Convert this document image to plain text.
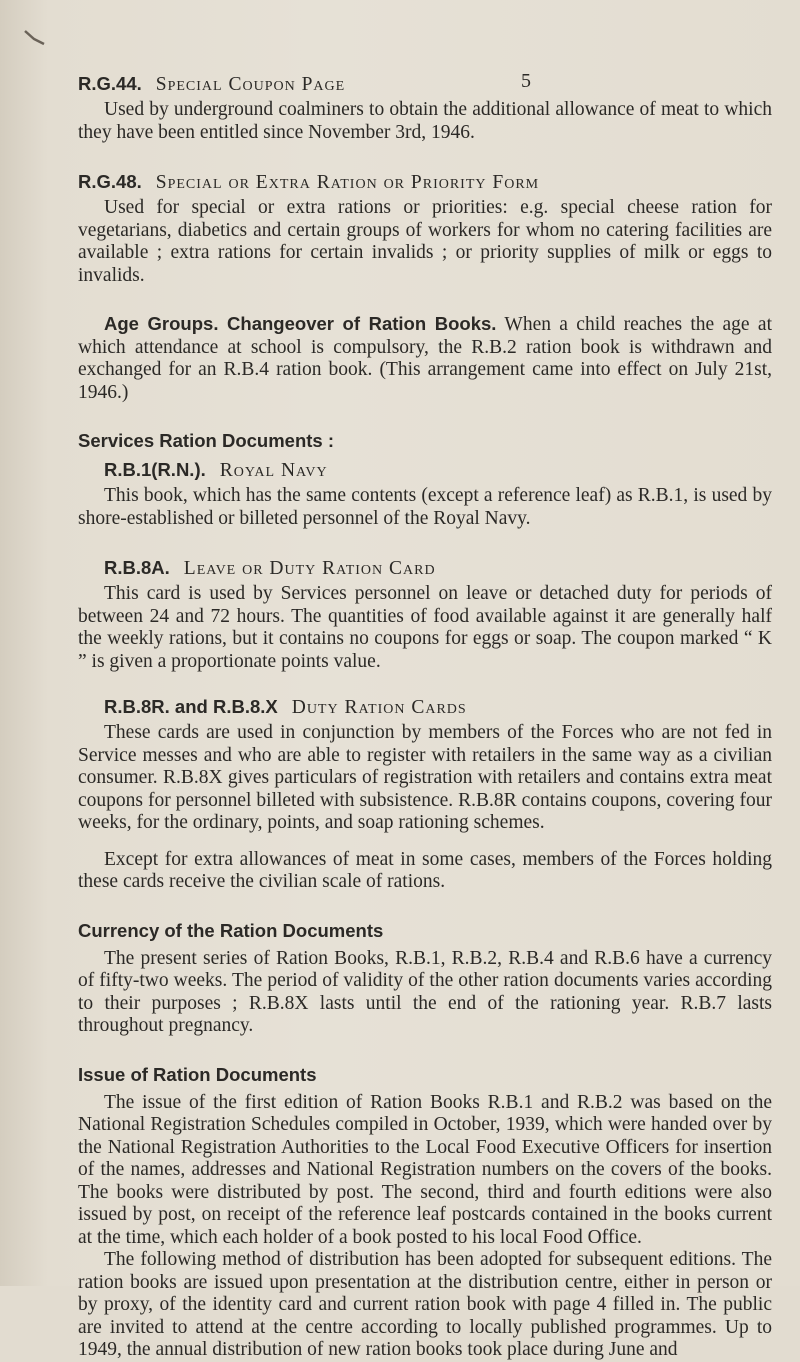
5
R.G.44. Special Coupon Page

Used by underground coalminers to obtain the additional allowance of meat to which they have been entitled since November 3rd, 1946.

R.G.48. Special or Extra Ration or Priority Form

Used for special or extra rations or priorities: e.g. special cheese ration for vegetarians, diabetics and certain groups of workers for whom no catering facilities are available ; extra rations for certain invalids ; or priority supplies of milk or eggs to invalids.

Age Groups. Changeover of Ration Books. When a child reaches the age at which attendance at school is compulsory, the R.B.2 ration book is withdrawn and exchanged for an R.B.4 ration book. (This arrangement came into effect on July 21st, 1946.)

Services Ration Documents :
R.B.1(R.N.). Royal Navy

This book, which has the same contents (except a reference leaf) as R.B.1, is used by shore-established or billeted personnel of the Royal Navy.

R.B.8A. Leave or Duty Ration Card

This card is used by Services personnel on leave or detached duty for periods of between 24 and 72 hours. The quantities of food available against it are generally half the weekly rations, but it contains no coupons for eggs or soap. The coupon marked “ K ” is given a proportionate points value.

R.B.8R. and R.B.8.X Duty Ration Cards

These cards are used in conjunction by members of the Forces who are not fed in Service messes and who are able to register with retailers in the same way as a civilian consumer. R.B.8X gives particulars of registration with retailers and contains extra meat coupons for personnel billeted with subsistence. R.B.8R contains coupons, covering four weeks, for the ordinary, points, and soap rationing schemes.

Except for extra allowances of meat in some cases, members of the Forces holding these cards receive the civilian scale of rations.

Currency of the Ration Documents

The present series of Ration Books, R.B.1, R.B.2, R.B.4 and R.B.6 have a currency of fifty-two weeks. The period of validity of the other ration documents varies according to their purposes ; R.B.8X lasts until the end of the rationing year. R.B.7 lasts throughout pregnancy.

Issue of Ration Documents

The issue of the first edition of Ration Books R.B.1 and R.B.2 was based on the National Registration Schedules compiled in October, 1939, which were handed over by the National Registration Authorities to the Local Food Executive Officers for insertion of the names, addresses and National Registration numbers on the covers of the books. The books were distributed by post. The second, third and fourth editions were also issued by post, on receipt of the reference leaf postcards contained in the books current at the time, which each holder of a book posted to his local Food Office.

The following method of distribution has been adopted for subsequent editions. The ration books are issued upon presentation at the distribution centre, either in person or by proxy, of the identity card and current ration book with page 4 filled in. The public are invited to attend at the centre according to locally published programmes. Up to 1949, the annual distribution of new ration books took place during June and
